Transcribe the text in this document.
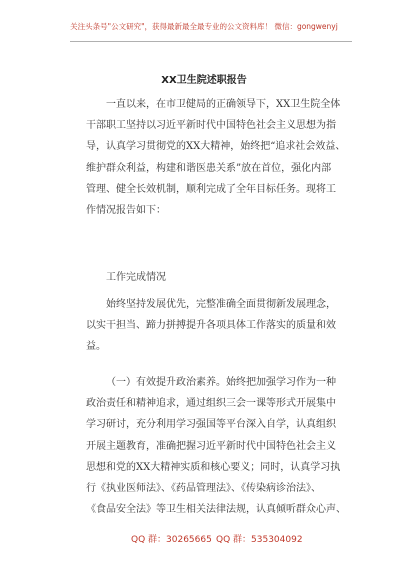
关注头条号"公文研究"，获得最新最全最专业的公文资料库！ 微信：gongwenyj
XX卫生院述职报告
一直以来，在市卫健局的正确领导下，XX卫生院全体
干部职工坚持以习近平新时代中国特色社会主义思想为指
导，认真学习贯彻党的XX大精神，始终把“追求社会效益、
维护群众利益，构建和谐医患关系”放在首位，强化内部
管理、健全长效机制，顺利完成了全年目标任务。现将工
作情况报告如下：
工作完成情况
始终坚持发展优先，完整准确全面贯彻新发展理念，
以实干担当、蹄力拼搏提升各项具体工作落实的质量和效
益。
（一）有效提升政治素养。始终把加强学习作为一种
政治责任和精神追求，通过组织三会一课等形式开展集中
学习研讨，充分利用学习强国等平台深入自学，认真组织
开展主题教育，准确把握习近平新时代中国特色社会主义
思想和党的XX大精神实质和核心要义；同时，认真学习执
行《执业医师法》、《药品管理法》、《传染病诊治法》、
《食品安全法》等卫生相关法律法规，认真倾听群众心声、
QQ 群：30265665 QQ 群：535304092
